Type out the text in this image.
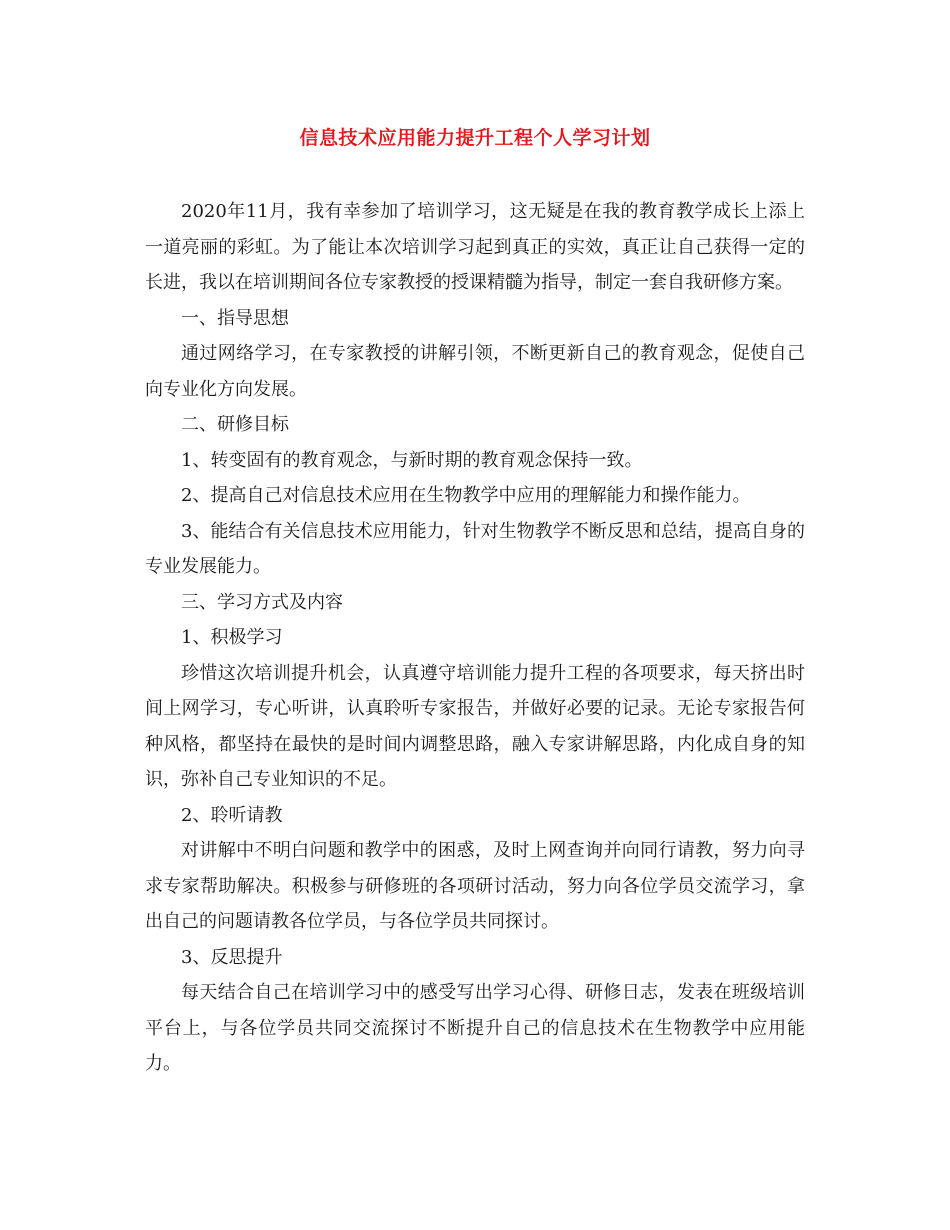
信息技术应用能力提升工程个人学习计划

2020年11月，我有幸参加了培训学习，这无疑是在我的教育教学成长上添上一道亮丽的彩虹。为了能让本次培训学习起到真正的实效，真正让自己获得一定的长进，我以在培训期间各位专家教授的授课精髓为指导，制定一套自我研修方案。

一、指导思想

通过网络学习，在专家教授的讲解引领，不断更新自己的教育观念，促使自己向专业化方向发展。

二、研修目标

1、转变固有的教育观念，与新时期的教育观念保持一致。

2、提高自己对信息技术应用在生物教学中应用的理解能力和操作能力。

3、能结合有关信息技术应用能力，针对生物教学不断反思和总结，提高自身的专业发展能力。

三、学习方式及内容

1、积极学习

珍惜这次培训提升机会，认真遵守培训能力提升工程的各项要求，每天挤出时间上网学习，专心听讲，认真聆听专家报告，并做好必要的记录。无论专家报告何种风格，都坚持在最快的是时间内调整思路，融入专家讲解思路，内化成自身的知识，弥补自己专业知识的不足。

2、聆听请教

对讲解中不明白问题和教学中的困惑，及时上网查询并向同行请教，努力向寻求专家帮助解决。积极参与研修班的各项研讨活动，努力向各位学员交流学习，拿出自己的问题请教各位学员，与各位学员共同探讨。

3、反思提升

每天结合自己在培训学习中的感受写出学习心得、研修日志，发表在班级培训平台上，与各位学员共同交流探讨不断提升自己的信息技术在生物教学中应用能力。
